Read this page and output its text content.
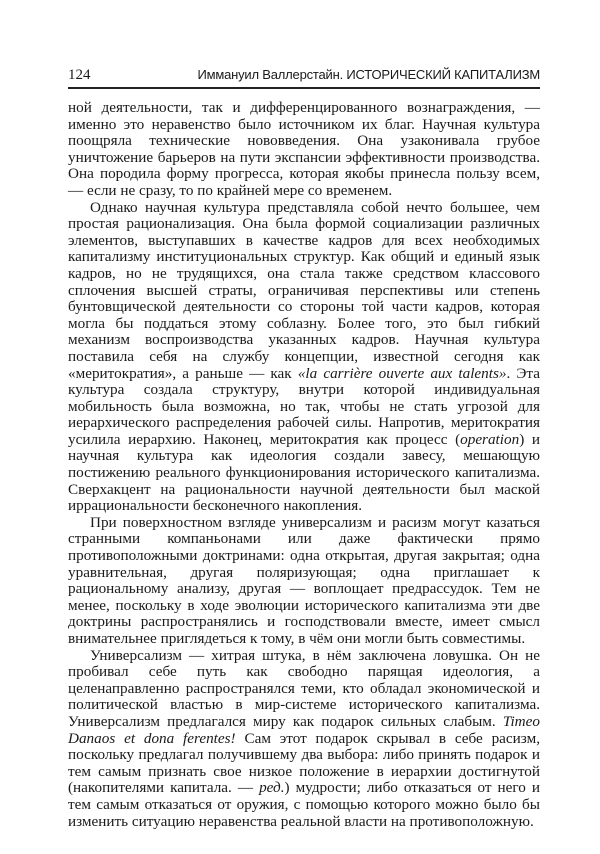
124	Иммануил Валлерстайн. ИСТОРИЧЕСКИЙ КАПИТАЛИЗМ

ной деятельности, так и дифференцированного вознаграждения, — именно это неравенство было источником их благ. Научная культура поощряла технические нововведения. Она узаконивала грубое уничтожение барьеров на пути экспансии эффективности производства. Она породила форму прогресса, которая якобы принесла пользу всем, — если не сразу, то по крайней мере со временем.

Однако научная культура представляла собой нечто большее, чем простая рационализация. Она была формой социализации различных элементов, выступавших в качестве кадров для всех необходимых капитализму институциональных структур. Как общий и единый язык кадров, но не трудящихся, она стала также средством классового сплочения высшей страты, ограничивая перспективы или степень бунтовщической деятельности со стороны той части кадров, которая могла бы поддаться этому соблазну. Более того, это был гибкий механизм воспроизводства указанных кадров. Научная культура поставила себя на службу концепции, известной сегодня как «меритократия», а раньше — как «la carrière ouverte aux talents». Эта культура создала структуру, внутри которой индивидуальная мобильность была возможна, но так, чтобы не стать угрозой для иерархического распределения рабочей силы. Напротив, меритократия усилила иерархию. Наконец, меритократия как процесс (operation) и научная культура как идеология создали завесу, мешающую постижению реального функционирования исторического капитализма. Сверхакцент на рациональности научной деятельности был маской иррациональности бесконечного накопления.

При поверхностном взгляде универсализм и расизм могут казаться странными компаньонами или даже фактически прямо противоположными доктринами: одна открытая, другая закрытая; одна уравнительная, другая поляризующая; одна приглашает к рациональному анализу, другая — воплощает предрассудок. Тем не менее, поскольку в ходе эволюции исторического капитализма эти две доктрины распространялись и господствовали вместе, имеет смысл внимательнее приглядеться к тому, в чём они могли быть совместимы.

Универсализм — хитрая штука, в нём заключена ловушка. Он не пробивал себе путь как свободно парящая идеология, а целенаправленно распространялся теми, кто обладал экономической и политической властью в мир-системе исторического капитализма. Универсализм предлагался миру как подарок сильных слабым. Timeo Danaos et dona ferentes! Сам этот подарок скрывал в себе расизм, поскольку предлагал получившему два выбора: либо принять подарок и тем самым признать свое низкое положение в иерархии достигнутой (накопителями капитала. — ред.) мудрости; либо отказаться от него и тем самым отказаться от оружия, с помощью которого можно было бы изменить ситуацию неравенства реальной власти на противоположную.
